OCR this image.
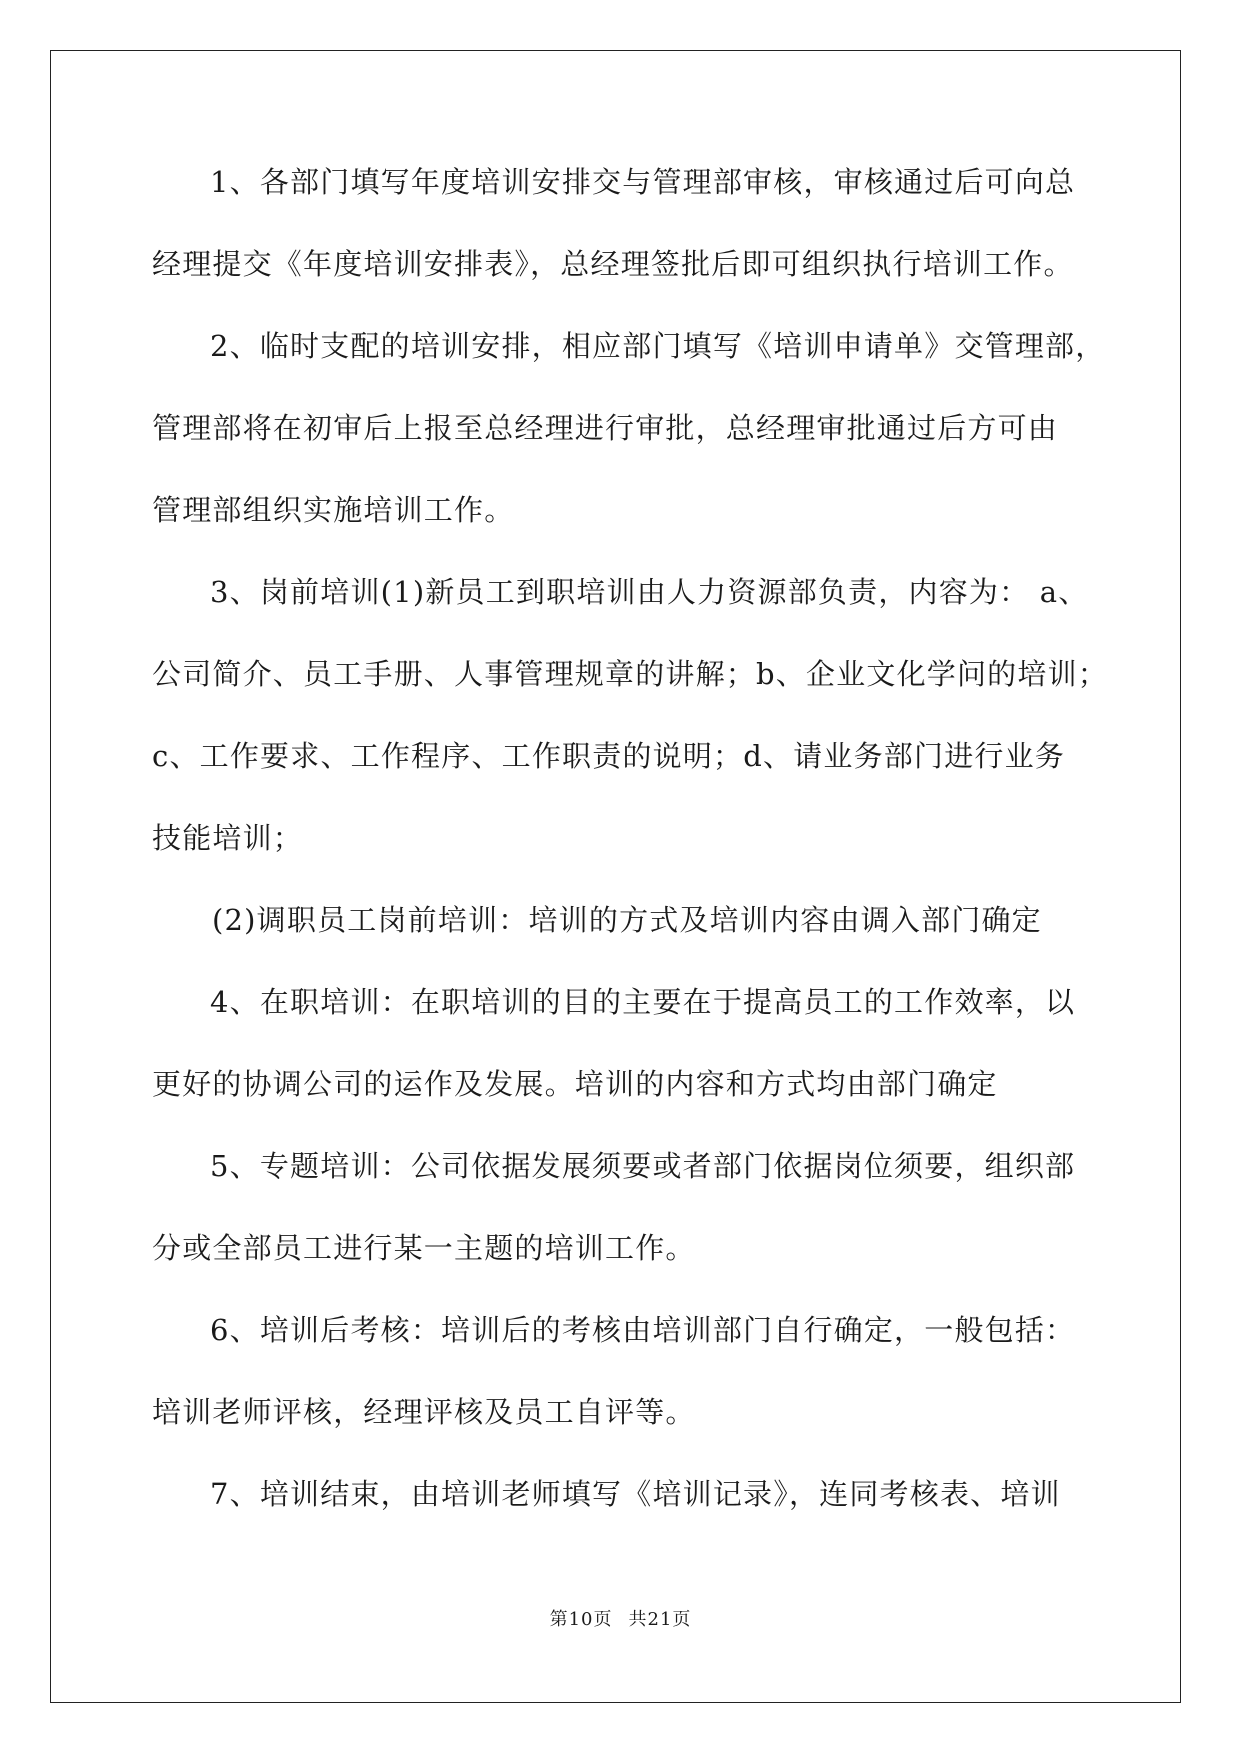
1、各部门填写年度培训安排交与管理部审核，审核通过后可向总
经理提交《年度培训安排表》，总经理签批后即可组织执行培训工作。
2、临时支配的培训安排，相应部门填写《培训申请单》交管理部，
管理部将在初审后上报至总经理进行审批，总经理审批通过后方可由
管理部组织实施培训工作。
3、岗前培训(1)新员工到职培训由人力资源部负责，内容为： a、
公司简介、员工手册、人事管理规章的讲解；b、企业文化学问的培训；
c、工作要求、工作程序、工作职责的说明；d、请业务部门进行业务
技能培训；
(2)调职员工岗前培训：培训的方式及培训内容由调入部门确定
4、在职培训：在职培训的目的主要在于提高员工的工作效率，以
更好的协调公司的运作及发展。培训的内容和方式均由部门确定
5、专题培训：公司依据发展须要或者部门依据岗位须要，组织部
分或全部员工进行某一主题的培训工作。
6、培训后考核：培训后的考核由培训部门自行确定，一般包括：
培训老师评核，经理评核及员工自评等。
7、培训结束，由培训老师填写《培训记录》，连同考核表、培训
第10页 共21页
